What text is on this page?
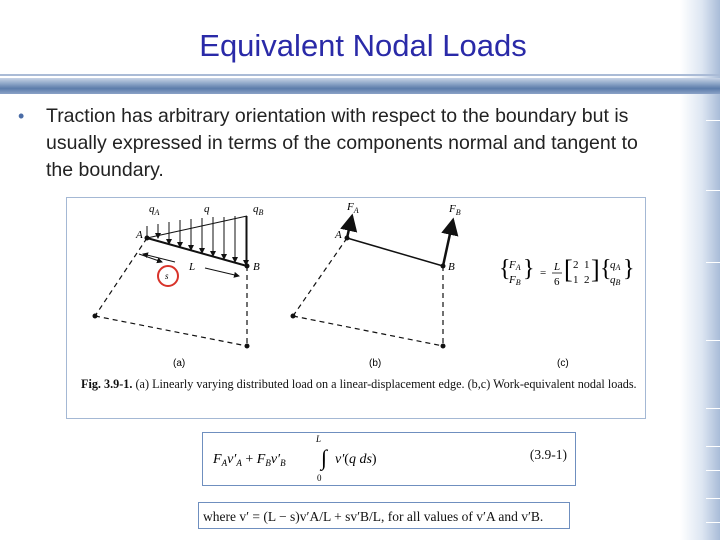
Equivalent Nodal Loads
• Traction has arbitrary orientation with respect to the boundary but is usually expressed in terms of the components normal and tangent to the boundary.
$q_A$	q	$q_B$
A
B
L
s
(a)
$F_A$	$F_B$
A
B
(b)
{
FA
FB
} = L
6 [ 2 1
1 2 ] {
qA
qB
}
(c)
Fig. 3.9-1. (a) Linearly varying distributed load on a linear-displacement edge. (b,c) Work-equivalent nodal loads.
$F_Av'_A + F_Bv'_B$ ∫
L
0
v′(q ds)	(3.9-1)
where v′ = (L − s)v′A/L + sv′B/L, for all values of v′A and v′B.
